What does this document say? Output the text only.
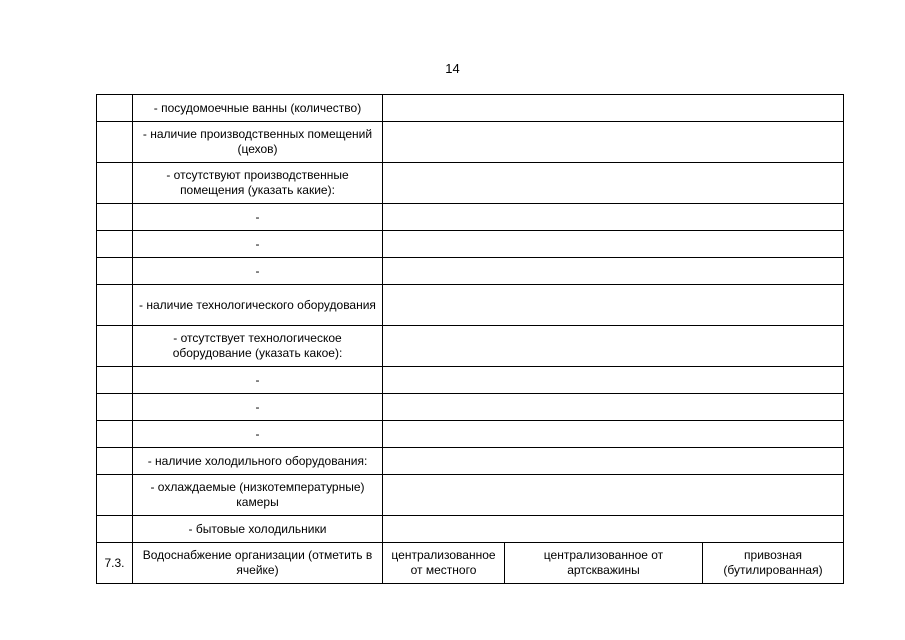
14
	- посудомоечные ванны (количество)			
	- наличие производственных помещений (цехов)			
	- отсутствуют производственные помещения (указать какие):			
	-			
	-			
	-			
	- наличие технологического оборудования			
	- отсутствует технологическое оборудование (указать какое):			
	-			
	-			
	-			
	- наличие холодильного оборудования:			
	- охлаждаемые (низкотемпературные) камеры			
	- бытовые холодильники			
7.3.	Водоснабжение организации (отметить в ячейке)	централизованное от местного	централизованное от артскважины	привозная (бутилированная)
